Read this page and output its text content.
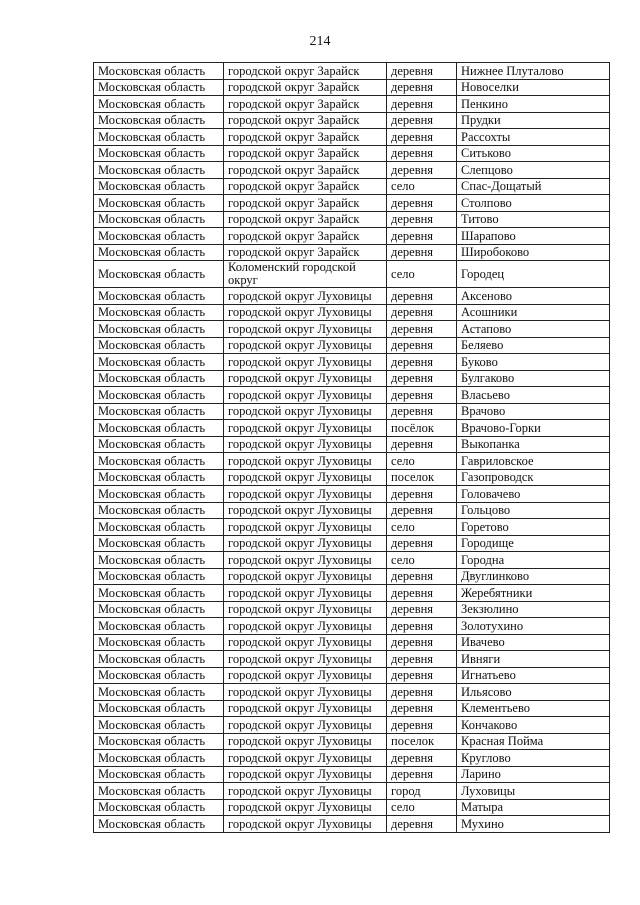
214
Московская область	городской округ Зарайск	деревня	Нижнее Плуталово
Московская область	городской округ Зарайск	деревня	Новоселки
Московская область	городской округ Зарайск	деревня	Пенкино
Московская область	городской округ Зарайск	деревня	Прудки
Московская область	городской округ Зарайск	деревня	Рассохты
Московская область	городской округ Зарайск	деревня	Ситьково
Московская область	городской округ Зарайск	деревня	Слепцово
Московская область	городской округ Зарайск	село	Спас-Дощатый
Московская область	городской округ Зарайск	деревня	Столпово
Московская область	городской округ Зарайск	деревня	Титово
Московская область	городской округ Зарайск	деревня	Шарапово
Московская область	городской округ Зарайск	деревня	Широбоково
Московская область	Коломенский городской округ	село	Городец
Московская область	городской округ Луховицы	деревня	Аксеново
Московская область	городской округ Луховицы	деревня	Асошники
Московская область	городской округ Луховицы	деревня	Астапово
Московская область	городской округ Луховицы	деревня	Беляево
Московская область	городской округ Луховицы	деревня	Буково
Московская область	городской округ Луховицы	деревня	Булгаково
Московская область	городской округ Луховицы	деревня	Власьево
Московская область	городской округ Луховицы	деревня	Врачово
Московская область	городской округ Луховицы	посёлок	Врачово-Горки
Московская область	городской округ Луховицы	деревня	Выкопанка
Московская область	городской округ Луховицы	село	Гавриловское
Московская область	городской округ Луховицы	поселок	Газопроводск
Московская область	городской округ Луховицы	деревня	Головачево
Московская область	городской округ Луховицы	деревня	Гольцово
Московская область	городской округ Луховицы	село	Горетово
Московская область	городской округ Луховицы	деревня	Городище
Московская область	городской округ Луховицы	село	Городна
Московская область	городской округ Луховицы	деревня	Двуглинково
Московская область	городской округ Луховицы	деревня	Жеребятники
Московская область	городской округ Луховицы	деревня	Зекзюлино
Московская область	городской округ Луховицы	деревня	Золотухино
Московская область	городской округ Луховицы	деревня	Ивачево
Московская область	городской округ Луховицы	деревня	Ивняги
Московская область	городской округ Луховицы	деревня	Игнатьево
Московская область	городской округ Луховицы	деревня	Ильясово
Московская область	городской округ Луховицы	деревня	Клементьево
Московская область	городской округ Луховицы	деревня	Кончаково
Московская область	городской округ Луховицы	поселок	Красная Пойма
Московская область	городской округ Луховицы	деревня	Круглово
Московская область	городской округ Луховицы	деревня	Ларино
Московская область	городской округ Луховицы	город	Луховицы
Московская область	городской округ Луховицы	село	Матыра
Московская область	городской округ Луховицы	деревня	Мухино
